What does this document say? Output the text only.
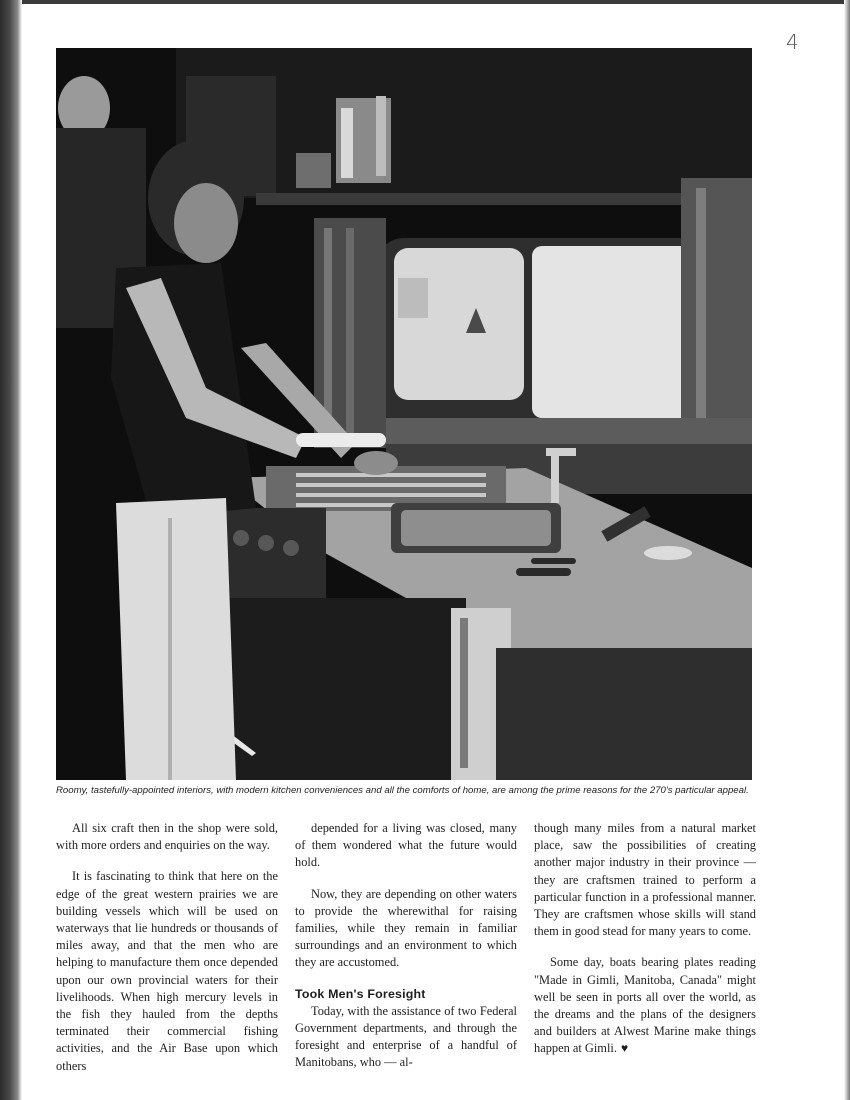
4
Roomy, tastefully-appointed interiors, with modern kitchen conveniences and all the comforts of home, are among the prime reasons for the 270's particular appeal.

All six craft then in the shop were sold, with more orders and enquiries on the way.

It is fascinating to think that here on the edge of the great western prairies we are building vessels which will be used on waterways that lie hundreds or thousands of miles away, and that the men who are helping to manufacture them once depended upon our own provincial waters for their livelihoods. When high mercury levels in the fish they hauled from the depths terminated their commercial fishing activities, and the Air Base upon which others

depended for a living was closed, many of them wondered what the future would hold.

Now, they are depending on other waters to provide the wherewithal for raising families, while they remain in familiar surroundings and an environment to which they are accustomed.

Took Men's Foresight

Today, with the assistance of two Federal Government departments, and through the foresight and enterprise of a handful of Manitobans, who — al-

though many miles from a natural market place, saw the possibilities of creating another major industry in their province — they are craftsmen trained to perform a particular function in a professional manner. They are craftsmen whose skills will stand them in good stead for many years to come.

Some day, boats bearing plates reading "Made in Gimli, Manitoba, Canada" might well be seen in ports all over the world, as the dreams and the plans of the designers and builders at Alwest Marine make things happen at Gimli. ♥
